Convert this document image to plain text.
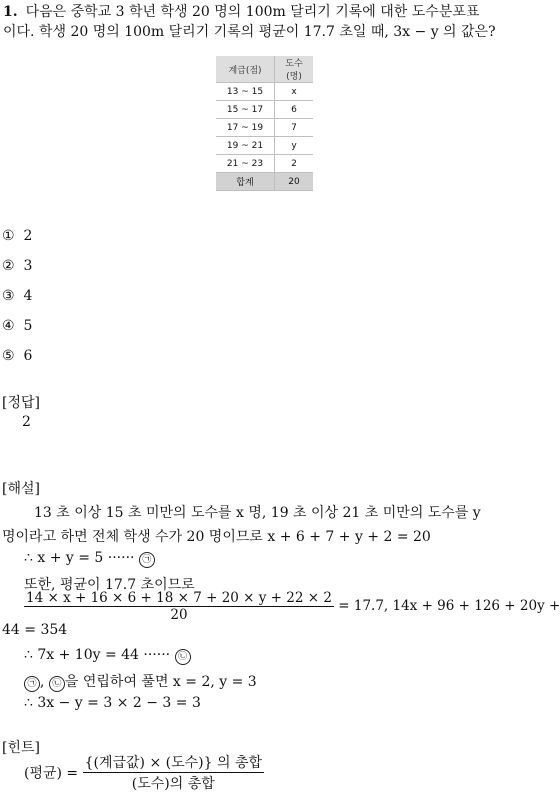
1. 다음은 중학교 3 학년 학생 20 명의 100m 달리기 기록에 대한 도수분포표
이다. 학생 20 명의 100m 달리기 기록의 평균이 17.7 초일 때, 3x − y 의 값은?
계급(점)	도수(명)
13 ~ 15	x
15 ~ 17	6
17 ~ 19	7
19 ~ 21	y
21 ~ 23	2
합계	20
① 2
② 3
③ 4
④ 5
⑤ 6
[정답]
2
[해설]
13 초 이상 15 초 미만의 도수를 x 명, 19 초 이상 21 초 미만의 도수를 y
명이라고 하면 전체 학생 수가 20 명이므로 x + 6 + 7 + y + 2 = 20
∴ x + y = 5 ······ ㉠
또한, 평균이 17.7 초이므로
$\frac{14 \times x + 16 \times 6 + 18 \times 7 + 20 \times y + 22 \times 2}{20} = 17.7$, 14x + 96 + 126 + 20y +
44 = 354
∴ 7x + 10y = 44 ······ ㉡
㉠ , ㉡ 을 연립하여 풀면 x = 2, y = 3
∴ 3x − y = 3 × 2 − 3 = 3
[힌트]
(평균) = $\frac{\text{\{(계급값) × (도수)\} 의 총합}}{\text{(도수)의 총합}}$
